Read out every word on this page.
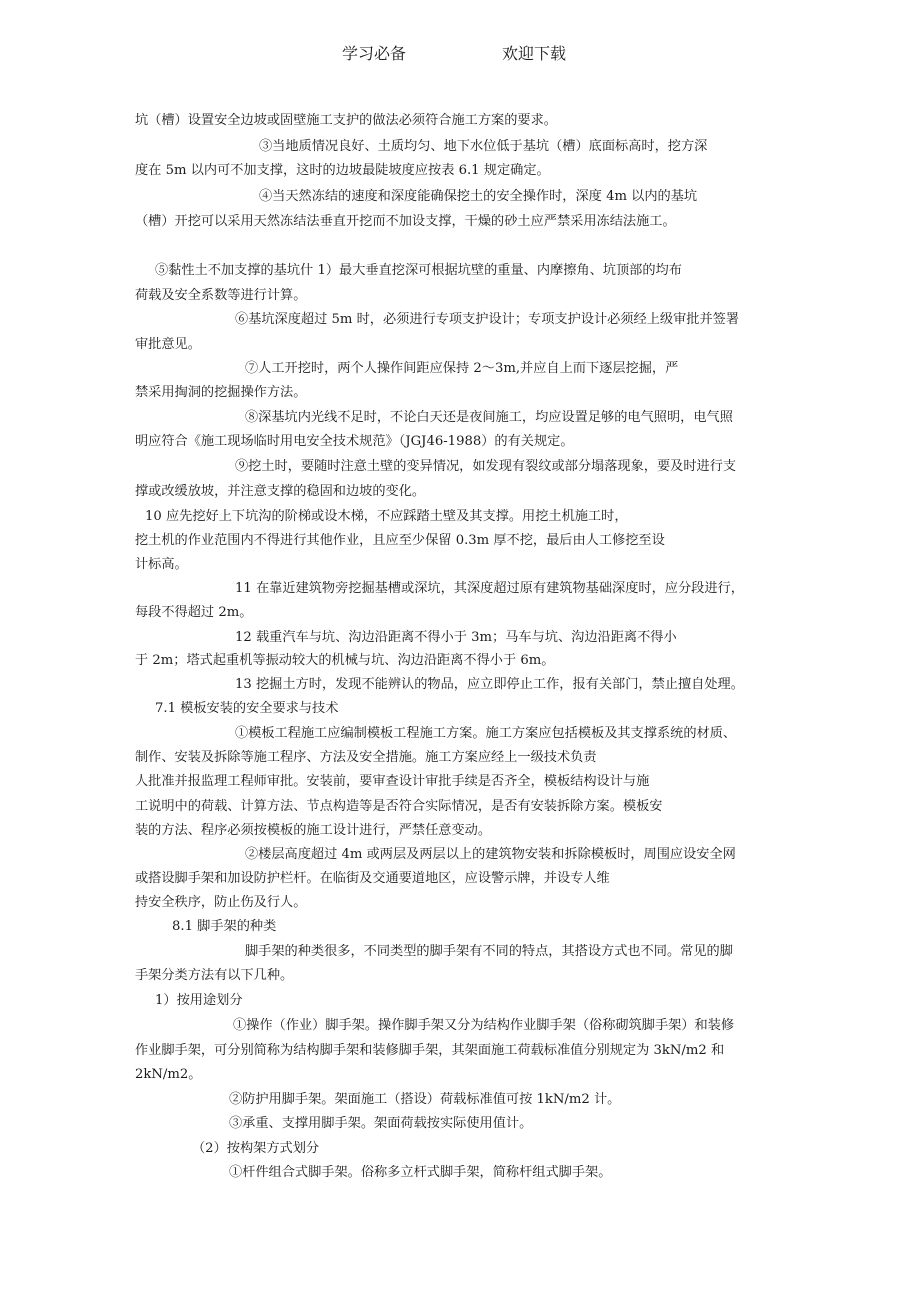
学习必备	欢迎下载
坑（槽）设置安全边坡或固壁施工支护的做法必须符合施工方案的要求。
③当地质情况良好、土质均匀、地下水位低于基坑（槽）底面标高时，挖方深
度在 5m 以内可不加支撑，这时的边坡最陡坡度应按表 6.1 规定确定。
④当天然冻结的速度和深度能确保挖土的安全操作时，深度 4m 以内的基坑
（槽）开挖可以采用天然冻结法垂直开挖而不加设支撑，干燥的砂土应严禁采用冻结法施工。
⑤黏性土不加支撑的基坑什 1）最大垂直挖深可根据坑壁的重量、内摩擦角、坑顶部的均布
荷载及安全系数等进行计算。
⑥基坑深度超过 5m 时，必须进行专项支护设计；专项支护设计必须经上级审批并签署
审批意见。
⑦人工开挖时，两个人操作间距应保持 2～3m,并应自上而下逐层挖掘，严
禁采用掏洞的挖掘操作方法。
⑧深基坑内光线不足时，不论白天还是夜间施工，均应设置足够的电气照明，电气照
明应符合《施工现场临时用电安全技术规范》（JGJ46-1988）的有关规定。
⑨挖土时，要随时注意土壁的变异情况，如发现有裂纹或部分塌落现象，要及时进行支
撑或改缓放坡，并注意支撑的稳固和边坡的变化。
10 应先挖好上下坑沟的阶梯或设木梯，不应踩踏土壁及其支撑。用挖土机施工时，
挖土机的作业范围内不得进行其他作业，且应至少保留 0.3m 厚不挖，最后由人工修挖至设
计标高。
11 在靠近建筑物旁挖掘基槽或深坑，其深度超过原有建筑物基础深度时，应分段进行，
每段不得超过 2m。
12 载重汽车与坑、沟边沿距离不得小于 3m；马车与坑、沟边沿距离不得小
于 2m；塔式起重机等振动较大的机械与坑、沟边沿距离不得小于 6m。
13 挖掘土方时，发现不能辨认的物品，应立即停止工作，报有关部门，禁止擅自处理。
7.1 模板安装的安全要求与技术
①模板工程施工应编制模板工程施工方案。施工方案应包括模板及其支撑系统的材质、
制作、安装及拆除等施工程序、方法及安全措施。施工方案应经上一级技术负责
人批准并报监理工程师审批。安装前，要审查设计审批手续是否齐全，模板结构设计与施
工说明中的荷载、计算方法、节点构造等是否符合实际情况，是否有安装拆除方案。模板安
装的方法、程序必须按模板的施工设计进行，严禁任意变动。
②楼层高度超过 4m 或两层及两层以上的建筑物安装和拆除模板时，周围应设安全网
或搭设脚手架和加设防护栏杆。在临街及交通要道地区，应设警示牌，并设专人维
持安全秩序，防止伤及行人。
8.1 脚手架的种类
脚手架的种类很多，不同类型的脚手架有不同的特点，其搭设方式也不同。常见的脚
手架分类方法有以下几种。
1）按用途划分
①操作（作业）脚手架。操作脚手架又分为结构作业脚手架（俗称砌筑脚手架）和装修
作业脚手架，可分别简称为结构脚手架和装修脚手架，其架面施工荷载标准值分别规定为 3kN/m2 和
2kN/m2。
②防护用脚手架。架面施工（搭设）荷载标准值可按 1kN/m2 计。
③承重、支撑用脚手架。架面荷载按实际使用值计。
（2）按构架方式划分
①杆件组合式脚手架。俗称多立杆式脚手架，简称杆组式脚手架。
